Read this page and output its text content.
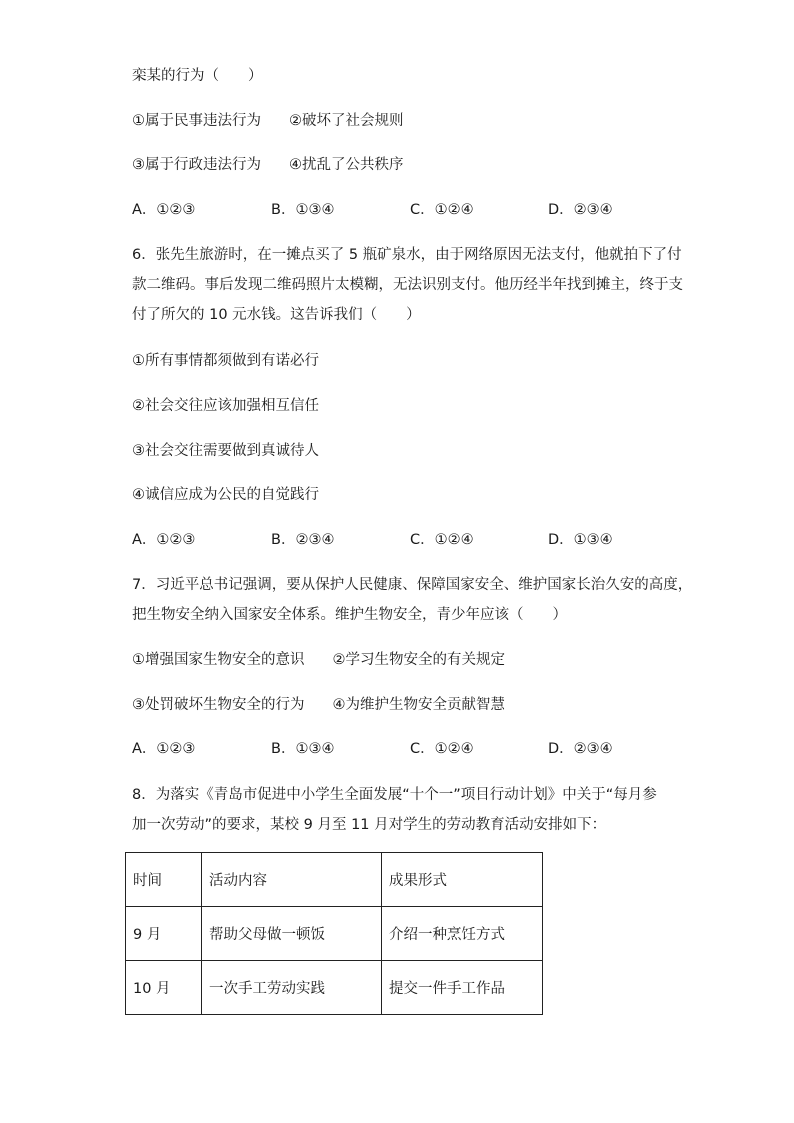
栾某的行为（　　）
①属于民事违法行为 ②破坏了社会规则
③属于行政违法行为 ④扰乱了公共秩序
A．①②③	B．①③④	C．①②④	D．②③④
6．张先生旅游时，在一摊点买了 5 瓶矿泉水，由于网络原因无法支付，他就拍下了付
款二维码。事后发现二维码照片太模糊，无法识别支付。他历经半年找到摊主，终于支
付了所欠的 10 元水钱。这告诉我们（　　）
①所有事情都须做到有诺必行
②社会交往应该加强相互信任
③社会交往需要做到真诚待人
④诚信应成为公民的自觉践行
A．①②③	B．②③④	C．①②④	D．①③④
7．习近平总书记强调，要从保护人民健康、保障国家安全、维护国家长治久安的高度，
把生物安全纳入国家安全体系。维护生物安全，青少年应该（　　）
①增强国家生物安全的意识 ②学习生物安全的有关规定
③处罚破坏生物安全的行为 ④为维护生物安全贡献智慧
A．①②③	B．①③④	C．①②④	D．②③④
8．为落实《青岛市促进中小学生全面发展“十个一”项目行动计划》中关于“每月参
加一次劳动”的要求，某校 9 月至 11 月对学生的劳动教育活动安排如下：
时间	活动内容	成果形式
9 月	帮助父母做一顿饭	介绍一种烹饪方式
10 月	一次手工劳动实践	提交一件手工作品
